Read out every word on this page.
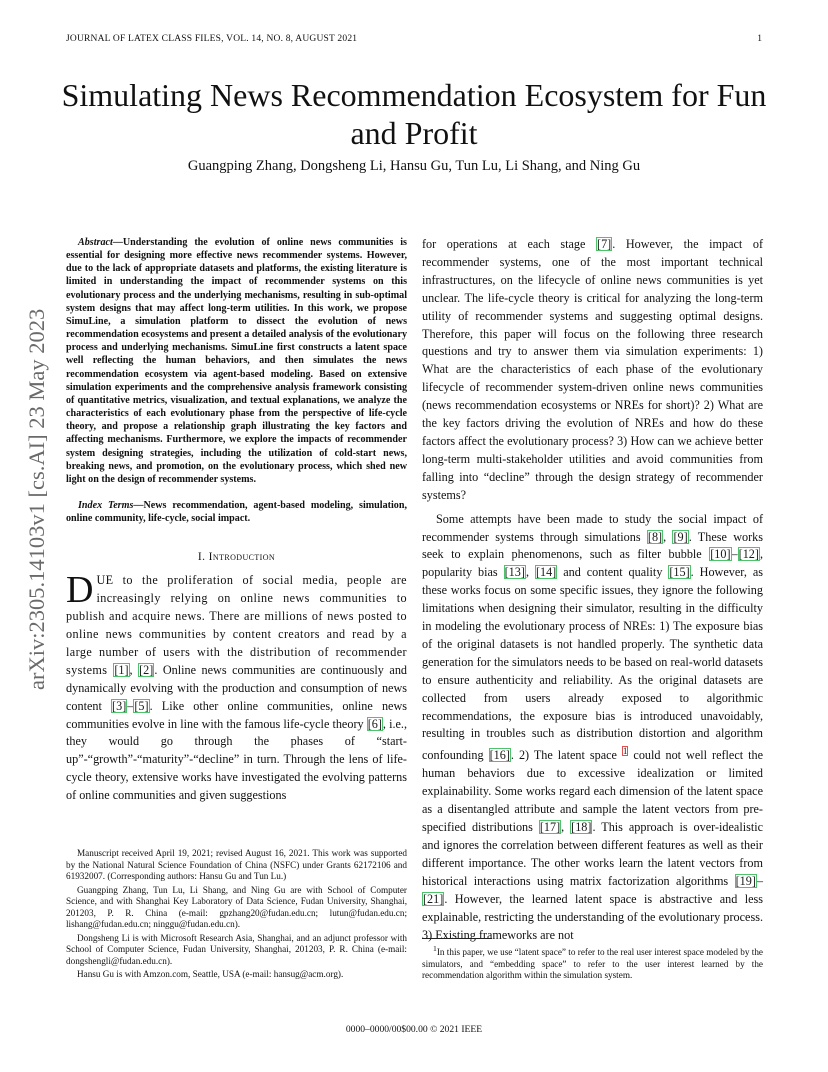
JOURNAL OF LATEX CLASS FILES, VOL. 14, NO. 8, AUGUST 2021	1
arXiv:2305.14103v1 [cs.AI] 23 May 2023
Simulating News Recommendation Ecosystem for Fun and Profit
Guangping Zhang, Dongsheng Li, Hansu Gu, Tun Lu, Li Shang, and Ning Gu
Abstract—Understanding the evolution of online news communities is essential for designing more effective news recommender systems. However, due to the lack of appropriate datasets and platforms, the existing literature is limited in understanding the impact of recommender systems on this evolutionary process and the underlying mechanisms, resulting in sub-optimal system designs that may affect long-term utilities. In this work, we propose SimuLine, a simulation platform to dissect the evolution of news recommendation ecosystems and present a detailed analysis of the evolutionary process and underlying mechanisms. SimuLine first constructs a latent space well reflecting the human behaviors, and then simulates the news recommendation ecosystem via agent-based modeling. Based on extensive simulation experiments and the comprehensive analysis framework consisting of quantitative metrics, visualization, and textual explanations, we analyze the characteristics of each evolutionary phase from the perspective of life-cycle theory, and propose a relationship graph illustrating the key factors and affecting mechanisms. Furthermore, we explore the impacts of recommender system designing strategies, including the utilization of cold-start news, breaking news, and promotion, on the evolutionary process, which shed new light on the design of recommender systems.
Index Terms—News recommendation, agent-based modeling, simulation, online community, life-cycle, social impact.
I. Introduction
DUE to the proliferation of social media, people are increasingly relying on online news communities to publish and acquire news. There are millions of news posted to online news communities by content creators and read by a large number of users with the distribution of recommender systems [1], [2]. Online news communities are continuously and dynamically evolving with the production and consumption of news content [3]–[5]. Like other online communities, online news communities evolve in line with the famous life-cycle theory [6], i.e., they would go through the phases of “start-up”-“growth”-“maturity”-“decline” in turn. Through the lens of life-cycle theory, extensive works have investigated the evolving patterns of online communities and given suggestions

for operations at each stage [7]. However, the impact of recommender systems, one of the most important technical infrastructures, on the lifecycle of online news communities is yet unclear. The life-cycle theory is critical for analyzing the long-term utility of recommender systems and suggesting optimal designs. Therefore, this paper will focus on the following three research questions and try to answer them via simulation experiments: 1) What are the characteristics of each phase of the evolutionary lifecycle of recommender system-driven online news communities (news recommendation ecosystems or NREs for short)? 2) What are the key factors driving the evolution of NREs and how do these factors affect the evolutionary process? 3) How can we achieve better long-term multi-stakeholder utilities and avoid communities from falling into “decline” through the design strategy of recommender systems?

Some attempts have been made to study the social impact of recommender systems through simulations [8], [9]. These works seek to explain phenomenons, such as filter bubble [10]–[12], popularity bias [13], [14] and content quality [15]. However, as these works focus on some specific issues, they ignore the following limitations when designing their simulator, resulting in the difficulty in modeling the evolutionary process of NREs: 1) The exposure bias of the original datasets is not handled properly. The synthetic data generation for the simulators needs to be based on real-world datasets to ensure authenticity and reliability. As the original datasets are collected from users already exposed to algorithmic recommendations, the exposure bias is introduced unavoidably, resulting in troubles such as distribution distortion and algorithm confounding [16]. 2) The latent space $^1$ could not well reflect the human behaviors due to excessive idealization or limited explainability. Some works regard each dimension of the latent space as a disentangled attribute and sample the latent vectors from pre-specified distributions [17], [18]. This approach is over-idealistic and ignores the correlation between different features as well as their different importance. The other works learn the latent vectors from historical interactions using matrix factorization algorithms [19]–[21]. However, the learned latent space is abstractive and less explainable, restricting the understanding of the evolutionary process. 3) Existing frameworks are not

Manuscript received April 19, 2021; revised August 16, 2021. This work was supported by the National Natural Science Foundation of China (NSFC) under Grants 62172106 and 61932007. (Corresponding authors: Hansu Gu and Tun Lu.)

Guangping Zhang, Tun Lu, Li Shang, and Ning Gu are with School of Computer Science, and with Shanghai Key Laboratory of Data Science, Fudan University, Shanghai, 201203, P. R. China (e-mail: gpzhang20@fudan.edu.cn; lutun@fudan.edu.cn; lishang@fudan.edu.cn; ninggu@fudan.edu.cn).

Dongsheng Li is with Microsoft Research Asia, Shanghai, and an adjunct professor with School of Computer Science, Fudan University, Shanghai, 201203, P. R. China (e-mail: dongshengli@fudan.edu.cn).

Hansu Gu is with Amzon.com, Seattle, USA (e-mail: hansug@acm.org).

$^1$In this paper, we use “latent space” to refer to the real user interest space modeled by the simulators, and “embedding space” to refer to the user interest learned by the recommendation algorithm within the simulation system.

0000–0000/00$00.00 © 2021 IEEE
